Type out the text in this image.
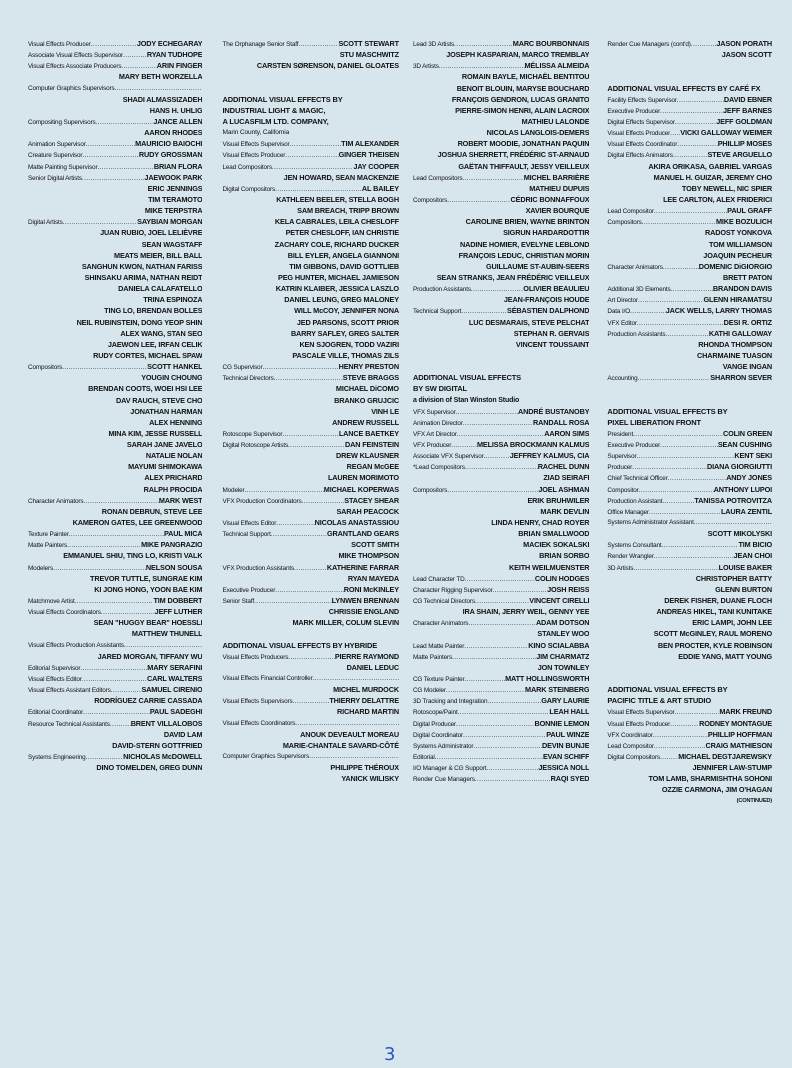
Visual Effects Producer .....	JODY ECHEGARAY
Associate Visual Effects Supervisor .....	RYAN TUDHOPE
Visual Effects Associate Producers .....	ARIN FINGER
MARY BETH WORZELLA
Computer Graphics Supervisors
.....
SHADI ALMASSIZADEH
HANS H. UHLIG
Compositing Supervisors .....	JANCE ALLEN
AARON RHODES
Animation Supervisor .....	MAURICIO BAIOCHI
Creature Supervisor .....	RUDY GROSSMAN
Matte Painting Supervisor .....	BRIAN FLORA
Senior Digital Artists .....	JAEWOOK PARK
ERIC JENNINGS
TIM TERAMOTO
MIKE TERPSTRA
Digital Artists .....	SAYBIAN MORGAN
JUAN RUBIO, JOEL LELIÈVRE
SEAN WAGSTAFF
MEATS MEIER, BILL BALL
SANGHUN KWON, NATHAN FARISS
SHINSAKU ARIMA, NATHAN REIDT
DANIELA CALAFATELLO
TRINA ESPINOZA
TING LO, BRENDAN BOLLES
NEIL RUBINSTEIN, DONG YEOP SHIN
ALEX WANG, STAN SEO
JAEWON LEE, IRFAN CELIK
RUDY CORTES, MICHAEL SPAW
Compositors .....	SCOTT HANKEL
YOUGIN CHOUNG
BRENDAN COOTS, WOEI HSI LEE
DAV RAUCH, STEVE CHO
JONATHAN HARMAN
ALEX HENNING
MINA KIM, JESSE RUSSELL
SARAH JANE JAVELO
NATALIE NOLAN
MAYUMI SHIMOKAWA
ALEX PRICHARD
RALPH PROCIDA
Character Animators .....	MARK WEST
RONAN DEBRUN, STEVE LEE
KAMERON GATES, LEE GREENWOOD
Texture Painter .....	PAUL MICA
Matte Painters .....	MIKE PANGRAZIO
EMMANUEL SHIU, TING LO, KRISTI VALK
Modelers .....	NELSON SOUSA
TREVOR TUTTLE, SUNGRAE KIM
KI JONG HONG, YOON BAE KIM
Matchmove Artist .....	TIM DOBBERT
Visual Effects Coordinators .....	JEFF LUTHER
SEAN "HUGGY BEAR" HOESSLI
MATTHEW THUNELL
Visual Effects Production Assistants
.....
JARED MORGAN, TIFFANY WU
Editorial Supervisor .....	MARY SERAFINI
Visual Effects Editor .....	CARL WALTERS
Visual Effects Assistant Editors .....	SAMUEL CIRENIO
RODRÍGUEZ CARRIE CASSADA
Editorial Coordinator .....	PAUL SADEGHI
Resource Technical Assistants .....	BRENT VILLALOBOS
DAVID LAM
DAVID-STERN GOTTFRIED
Systems Engineering .....	NICHOLAS McDOWELL
DINO TOMELDEN, GREG DUNN
The Orphanage Senior Staff .....	SCOTT STEWART
STU MASCHWITZ
CARSTEN SØRENSON, DANIEL GLOATES
ADDITIONAL VISUAL EFFECTS BY
INDUSTRIAL LIGHT & MAGIC,
A LUCASFILM LTD. COMPANY,
Marin County, California
Visual Effects Supervisor .....	TIM ALEXANDER
Visual Effects Producer .....	GINGER THEISEN
Lead Compositors .....	JAY COOPER
JEN HOWARD, SEAN MACKENZIE
Digital Compositors .....	AL BAILEY
KATHLEEN BEELER, STELLA BOGH
SAM BREACH, TRIPP BROWN
KELA CABRALES, LEILA CHESLOFF
PETER CHESLOFF, IAN CHRISTIE
ZACHARY COLE, RICHARD DUCKER
BILL EYLER, ANGELA GIANNONI
TIM GIBBONS, DAVID GOTTLIEB
PEG HUNTER, MICHAEL JAMIESON
KATRIN KLAIBER, JESSICA LASZLO
DANIEL LEUNG, GREG MALONEY
WILL McCOY, JENNIFER NONA
JED PARSONS, SCOTT PRIOR
BARRY SAFLEY, GREG SALTER
KEN SJOGREN, TODD VAZIRI
PASCALE VILLE, THOMAS ZILS
CG Supervisor .....	HENRY PRESTON
Technical Directors .....	STEVE BRAGGS
MICHAEL DiCOMO
BRANKO GRUJCIC
VINH LE
ANDREW RUSSELL
Rotoscope Supervisor .....	LANCE BAETKEY
Digital Rotoscope Artists .....	DAN FEINSTEIN
DREW KLAUSNER
REGAN McGEE
LAUREN MORIMOTO
Modeler .....	MICHAEL KOPERWAS
VFX Production Coordinators .....	STACEY SHEAR
SARAH PEACOCK
Visual Effects Editor .....	NICOLAS ANASTASSIOU
Technical Support .....	GRANTLAND GEARS
SCOTT SMITH
MIKE THOMPSON
VFX Production Assistants .....	KATHERINE FARRAR
RYAN MAYEDA
Executive Producer .....	RONI McKINLEY
Senior Staff .....	LYNWEN BRENNAN
CHRISSIE ENGLAND
MARK MILLER, COLUM SLEVIN
ADDITIONAL VISUAL EFFECTS BY HYBRIDE
Visual Effects Producers .....	PIERRE RAYMOND
DANIEL LEDUC
Visual Effects Financial Controller
.....
MICHEL MURDOCK
Visual Effects Supervisors .....	THIERRY DELATTRE
RICHARD MARTIN
Visual Effects Coordinators
.....
ANOUK DEVEAULT MOREAU
MARIE-CHANTALE SAVARD-CÔTÉ
Computer Graphics Supervisors
.....
PHILIPPE THÉROUX
YANICK WILISKY
Lead 3D Artists .....	MARC BOURBONNAIS
JOSEPH KASPARIAN, MARCO TREMBLAY
3D Artists .....	MÉLISSA ALMEIDA
ROMAIN BAYLE, MICHAËL BENTITOU
BENOIT BLOUIN, MARYSE BOUCHARD
FRANÇOIS GENDRON, LUCAS GRANITO
PIERRE-SIMON HENRI, ALAIN LACROIX
MATHIEU LALONDE
NICOLAS LANGLOIS-DEMERS
ROBERT MOODIE, JONATHAN PAQUIN
JOSHUA SHERRETT, FRÉDÉRIC ST-ARNAUD
GAËTAN THIFFAULT, JESSY VEILLEUX
Lead Compositors .....	MICHEL BARRIÈRE
MATHIEU DUPUIS
Compositors .....	CÉDRIC BONNAFFOUX
XAVIER BOURQUE
CAROLINE BRIEN, WAYNE BRINTON
SIGRUN HARDARDOTTIR
NADINE HOMIER, EVELYNE LEBLOND
FRANÇOIS LEDUC, CHRISTIAN MORIN
GUILLAUME ST-AUBIN-SEERS
SEAN STRANKS, JEAN FRÉDÉRIC VEILLEUX
Production Assistants .....	OLIVIER BEAULIEU
JEAN-FRANÇOIS HOUDE
Technical Support .....	SÉBASTIEN DALPHOND
LUC DESMARAIS, STEVE PELCHAT
STEPHAN R. GERVAIS
VINCENT TOUSSAINT
ADDITIONAL VISUAL EFFECTS
BY SW DIGITAL
a division of Stan Winston Studio
VFX Supervisor .....	ANDRÉ BUSTANOBY
Animation Director .....	RANDALL ROSA
VFX Art Director .....	AARON SIMS
VFX Producer .....	MELISSA BROCKMANN KALMUS
Associate VFX Supervisor .....	JEFFREY KALMUS, CIA
*Lead Compositors .....	RACHEL DUNN
ZIAD SEIRAFI
Compositors .....	JOEL ASHMAN
ERIK BRUHWILER
MARK DEVLIN
LINDA HENRY, CHAD ROYER
BRIAN SMALLWOOD
MACIEK SOKALSKI
BRIAN SORBO
KEITH WEILMUENSTER
Lead Character TD .....	COLIN HODGES
Character Rigging Supervisor .....	JOSH REISS
CG Technical Directors .....	VINCENT CIRELLI
IRA SHAIN, JERRY WEIL, GENNY YEE
Character Animators .....	ADAM DOTSON
STANLEY WOO
Lead Matte Painter .....	KINO SCIALABBA
Matte Painters .....	JIM CHARMATZ
JON TOWNLEY
CG Texture Painter .....	MATT HOLLINGSWORTH
CG Modeler .....	MARK STEINBERG
3D Tracking and Integration .....	GARY LAURIE
Rotoscope/Paint .....	LEAH HALL
Digital Producer .....	BONNIE LEMON
Digital Coordinator .....	PAUL WINZE
Systems Administrator .....	DEVIN BUNJE
Editorial .....	EVAN SCHIFF
I/O Manager & CG Support .....	JESSICA NOLL
Render Cue Managers .....	RAQI SYED
Render Cue Managers (cont'd) .....	JASON PORATH
JASON SCOTT
ADDITIONAL VISUAL EFFECTS BY CAFÉ FX
Facility Effects Supervisor .....	DAVID EBNER
Executive Producer .....	JEFF BARNES
Digital Effects Supervisor .....	JEFF GOLDMAN
Visual Effects Producer ..... VICKI GALLOWAY WEIMER
Visual Effects Coordinator .....	PHILLIP MOSES
Digital Effects Animators .....	STEVE ARGUELLO
AKIRA ORIKASA, GABRIEL VARGAS
MANUEL H. GUIZAR, JEREMY CHO
TOBY NEWELL, NIC SPIER
LEE CARLTON, ALEX FRIDERICI
Lead Compositor .....	PAUL GRAFF
Compositors .....	MIKE BOZULICH
RADOST YONKOVA
TOM WILLIAMSON
JOAQUIN PECHEUR
Character Animators .....	DOMENIC DiGIORGIO
BRETT PATON
Additional 3D Elements .....	BRANDON DAVIS
Art Director .....	GLENN HIRAMATSU
Data I/O .....	JACK WELLS, LARRY THOMAS
VFX Editor .....	DESI R. ORTIZ
Production Assistants .....	KATHI GALLOWAY
RHONDA THOMPSON
CHARMAINE TUASON
VANGE INGAN
Accounting .....	SHARRON SEVER
ADDITIONAL VISUAL EFFECTS BY
PIXEL LIBERATION FRONT
President .....	COLIN GREEN
Executive Producer .....	SEAN CUSHING
Supervisor .....	KENT SEKI
Producer .....	DIANA GIORGIUTTI
Chief Technical Officer .....	ANDY JONES
Compositor .....	ANTHONY LUPOI
Production Assistant .....	TANISSA POTROVITZA
Office Manager .....	LAURA ZENTIL
Systems Administrator Assistant
.....
SCOTT MIKOLYSKI
Systems Consultant .....	TIM BICIO
Render Wrangler .....	JEAN CHOI
3D Artists .....	LOUISE BAKER
CHRISTOPHER BATTY
GLENN BURTON
DEREK FISHER, DUANE FLOCH
ANDREAS HIKEL, TANI KUNITAKE
ERIC LAMPI, JOHN LEE
SCOTT McGINLEY, RAUL MORENO
BEN PROCTER, KYLE ROBINSON
EDDIE YANG, MATT YOUNG
ADDITIONAL VISUAL EFFECTS BY
PACIFIC TITLE & ART STUDIO
Visual Effects Supervisor .....	MARK FREUND
Visual Effects Producer .....	RODNEY MONTAGUE
VFX Coordinator .....	PHILLIP HOFFMAN
Lead Compositor .....	CRAIG MATHIESON
Digital Compositors .....	MICHAEL DEGTJAREWSKY
JENNIFER LAW-STUMP
TOM LAMB, SHARMISHTHA SOHONI
OZZIE CARMONA, JIM O'HAGAN
(CONTINUED)
3
